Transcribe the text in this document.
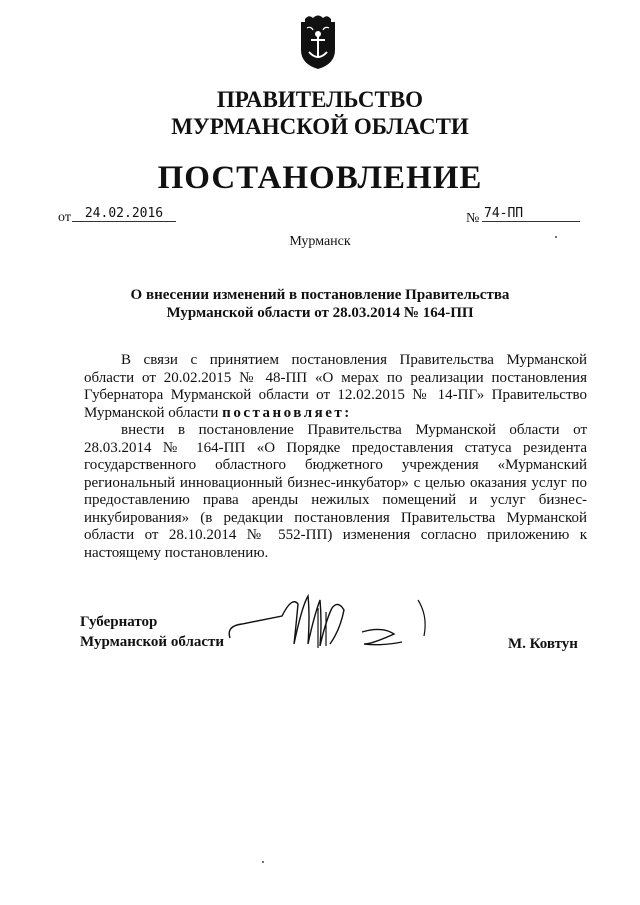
ПРАВИТЕЛЬСТВО
МУРМАНСКОЙ ОБЛАСТИ
ПОСТАНОВЛЕНИЕ
от	24.02.2016	№ 74-ПП
Мурманск
О внесении изменений в постановление Правительства
Мурманской области от 28.03.2014 № 164-ПП

В связи с принятием постановления Правительства Мурманской области от 20.02.2015 № 48-ПП «О мерах по реализации постановления Губернатора Мурманской области от 12.02.2015 № 14-ПГ» Правительство Мурманской области постановляет:

внести в постановление Правительства Мурманской области от 28.03.2014 № 164-ПП «О Порядке предоставления статуса резидента государственного областного бюджетного учреждения «Мурманский региональный инновационный бизнес-инкубатор» с целью оказания услуг по предоставлению права аренды нежилых помещений и услуг бизнес-инкубирования» (в редакции постановления Правительства Мурманской области от 28.10.2014 № 552-ПП) изменения согласно приложению к настоящему постановлению.

Губернатор
Мурманской области	М. Ковтун
